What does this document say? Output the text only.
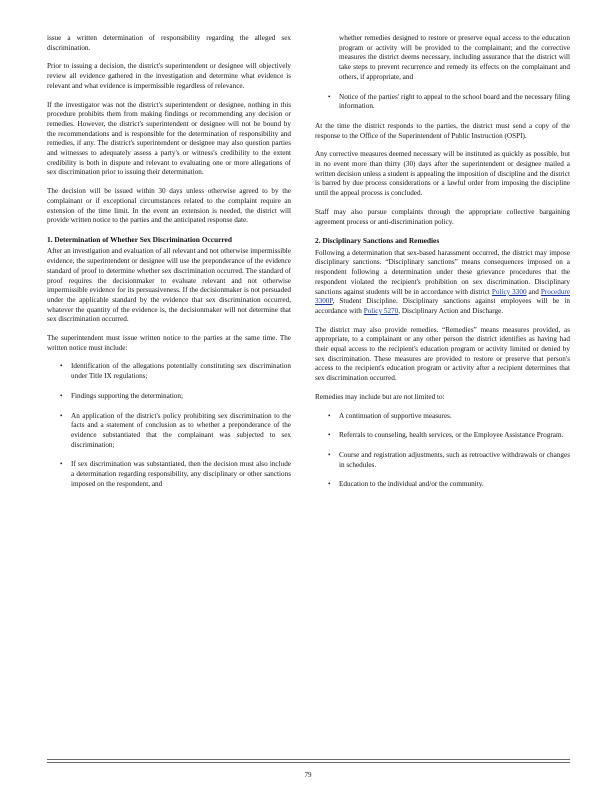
issue a written determination of responsibility regarding the alleged sex discrimination.

Prior to issuing a decision, the district's superintendent or designee will objectively review all evidence gathered in the investigation and determine what evidence is relevant and what evidence is impermissible regardless of relevance.

If the investigator was not the district's superintendent or designee, nothing in this procedure prohibits them from making findings or recommending any decision or remedies. However, the district's superintendent or designee will not be bound by the recommendations and is responsible for the determination of responsibility and remedies, if any. The district's superintendent or designee may also question parties and witnesses to adequately assess a party's or witness's credibility to the extent credibility is both in dispute and relevant to evaluating one or more allegations of sex discrimination prior to issuing their determination.

The decision will be issued within 30 days unless otherwise agreed to by the complainant or if exceptional circumstances related to the complaint require an extension of the time limit. In the event an extension is needed, the district will provide written notice to the parties and the anticipated response date.

1. Determination of Whether Sex Discrimination Occurred

After an investigation and evaluation of all relevant and not otherwise impermissible evidence, the superintendent or designee will use the preponderance of the evidence standard of proof to determine whether sex discrimination occurred. The standard of proof requires the decisionmaker to evaluate relevant and not otherwise impermissible evidence for its persuasiveness. If the decisionmaker is not persuaded under the applicable standard by the evidence that sex discrimination occurred, whatever the quantity of the evidence is, the decisionmaker will not determine that sex discrimination occurred.

The superintendent must issue written notice to the parties at the same time. The written notice must include:

• Identification of the allegations potentially constituting sex discrimination under Title IX regulations;
• Findings supporting the determination;
• An application of the district's policy prohibiting sex discrimination to the facts and a statement of conclusion as to whether a preponderance of the evidence substantiated that the complainant was subjected to sex discrimination;
• If sex discrimination was substantiated, then the decision must also include a determination regarding responsibility, any disciplinary or other sanctions imposed on the respondent, and
whether remedies designed to restore or preserve equal access to the education program or activity will be provided to the complainant; and the corrective measures the district deems necessary, including assurance that the district will take steps to prevent recurrence and remedy its effects on the complainant and others, if appropriate, and
• Notice of the parties' right to appeal to the school board and the necessary filing information.

At the time the district responds to the parties, the district must send a copy of the response to the Office of the Superintendent of Public Instruction (OSPI).

Any corrective measures deemed necessary will be instituted as quickly as possible, but in no event more than thirty (30) days after the superintendent or designee mailed a written decision unless a student is appealing the imposition of discipline and the district is barred by due process considerations or a lawful order from imposing the discipline until the appeal process is concluded.

Staff may also pursue complaints through the appropriate collective bargaining agreement process or anti-discrimination policy.

2. Disciplinary Sanctions and Remedies

Following a determination that sex-based harassment occurred, the district may impose disciplinary sanctions. “Disciplinary sanctions” means consequences imposed on a respondent following a determination under these grievance procedures that the respondent violated the recipient's prohibition on sex discrimination. Disciplinary sanctions against students will be in accordance with district Policy 3300 and Procedure 3300P, Student Discipline. Disciplinary sanctions against employees will be in accordance with Policy 5270, Disciplinary Action and Discharge.

The district may also provide remedies. “Remedies” means measures provided, as appropriate, to a complainant or any other person the district identifies as having had their equal access to the recipient's education program or activity limited or denied by sex discrimination. These measures are provided to restore or preserve that person's access to the recipient's education program or activity after a recipient determines that sex discrimination occurred.

Remedies may include but are not limited to:

• A continuation of supportive measures.
• Referrals to counseling, health services, or the Employee Assistance Program.
• Course and registration adjustments, such as retroactive withdrawals or changes in schedules.
• Education to the individual and/or the community.
79
